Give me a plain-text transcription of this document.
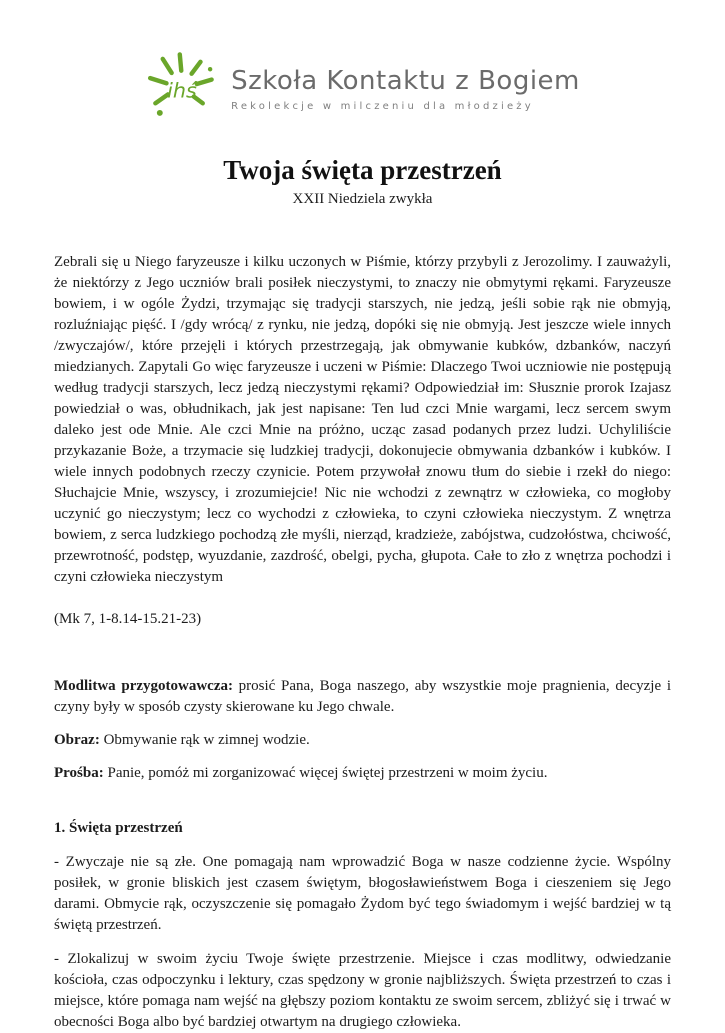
ihś Szkoła Kontaktu z Bogiem
Rekolekcje w milczeniu dla młodzieży
Twoja święta przestrzeń
XXII Niedziela zwykła

Zebrali się u Niego faryzeusze i kilku uczonych w Piśmie, którzy przybyli z Jerozolimy. I zauważyli, że niektórzy z Jego uczniów brali posiłek nieczystymi, to znaczy nie obmytymi rękami. Faryzeusze bowiem, i w ogóle Żydzi, trzymając się tradycji starszych, nie jedzą, jeśli sobie rąk nie obmyją, rozluźniając pięść. I /gdy wrócą/ z rynku, nie jedzą, dopóki się nie obmyją. Jest jeszcze wiele innych /zwyczajów/, które przejęli i których przestrzegają, jak obmywanie kubków, dzbanków, naczyń miedzianych. Zapytali Go więc faryzeusze i uczeni w Piśmie: Dlaczego Twoi uczniowie nie postępują według tradycji starszych, lecz jedzą nieczystymi rękami? Odpowiedział im: Słusznie prorok Izajasz powiedział o was, obłudnikach, jak jest napisane: Ten lud czci Mnie wargami, lecz sercem swym daleko jest ode Mnie. Ale czci Mnie na próżno, ucząc zasad podanych przez ludzi. Uchyliliście przykazanie Boże, a trzymacie się ludzkiej tradycji, dokonujecie obmywania dzbanków i kubków. I wiele innych podobnych rzeczy czynicie. Potem przywołał znowu tłum do siebie i rzekł do niego: Słuchajcie Mnie, wszyscy, i zrozumiejcie! Nic nie wchodzi z zewnątrz w człowieka, co mogłoby uczynić go nieczystym; lecz co wychodzi z człowieka, to czyni człowieka nieczystym. Z wnętrza bowiem, z serca ludzkiego pochodzą złe myśli, nierząd, kradzieże, zabójstwa, cudzołóstwa, chciwość, przewrotność, podstęp, wyuzdanie, zazdrość, obelgi, pycha, głupota. Całe to zło z wnętrza pochodzi i czyni człowieka nieczystym

(Mk 7, 1-8.14-15.21-23)

Modlitwa przygotowawcza: prosić Pana, Boga naszego, aby wszystkie moje pragnienia, decyzje i czyny były w sposób czysty skierowane ku Jego chwale.

Obraz: Obmywanie rąk w zimnej wodzie.

Prośba: Panie, pomóż mi zorganizować więcej świętej przestrzeni w moim życiu.

1. Święta przestrzeń

- Zwyczaje nie są złe. One pomagają nam wprowadzić Boga w nasze codzienne życie. Wspólny posiłek, w gronie bliskich jest czasem świętym, błogosławieństwem Boga i cieszeniem się Jego darami. Obmycie rąk, oczyszczenie się pomagało Żydom być tego świadomym i wejść bardziej w tą świętą przestrzeń.

- Zlokalizuj w swoim życiu Twoje święte przestrzenie. Miejsce i czas modlitwy, odwiedzanie kościoła, czas odpoczynku i lektury, czas spędzony w gronie najbliższych. Święta przestrzeń to czas i miejsce, które pomaga nam wejść na głębszy poziom kontaktu ze swoim sercem, zbliżyć się i trwać w obecności Boga albo być bardziej otwartym na drugiego człowieka.
